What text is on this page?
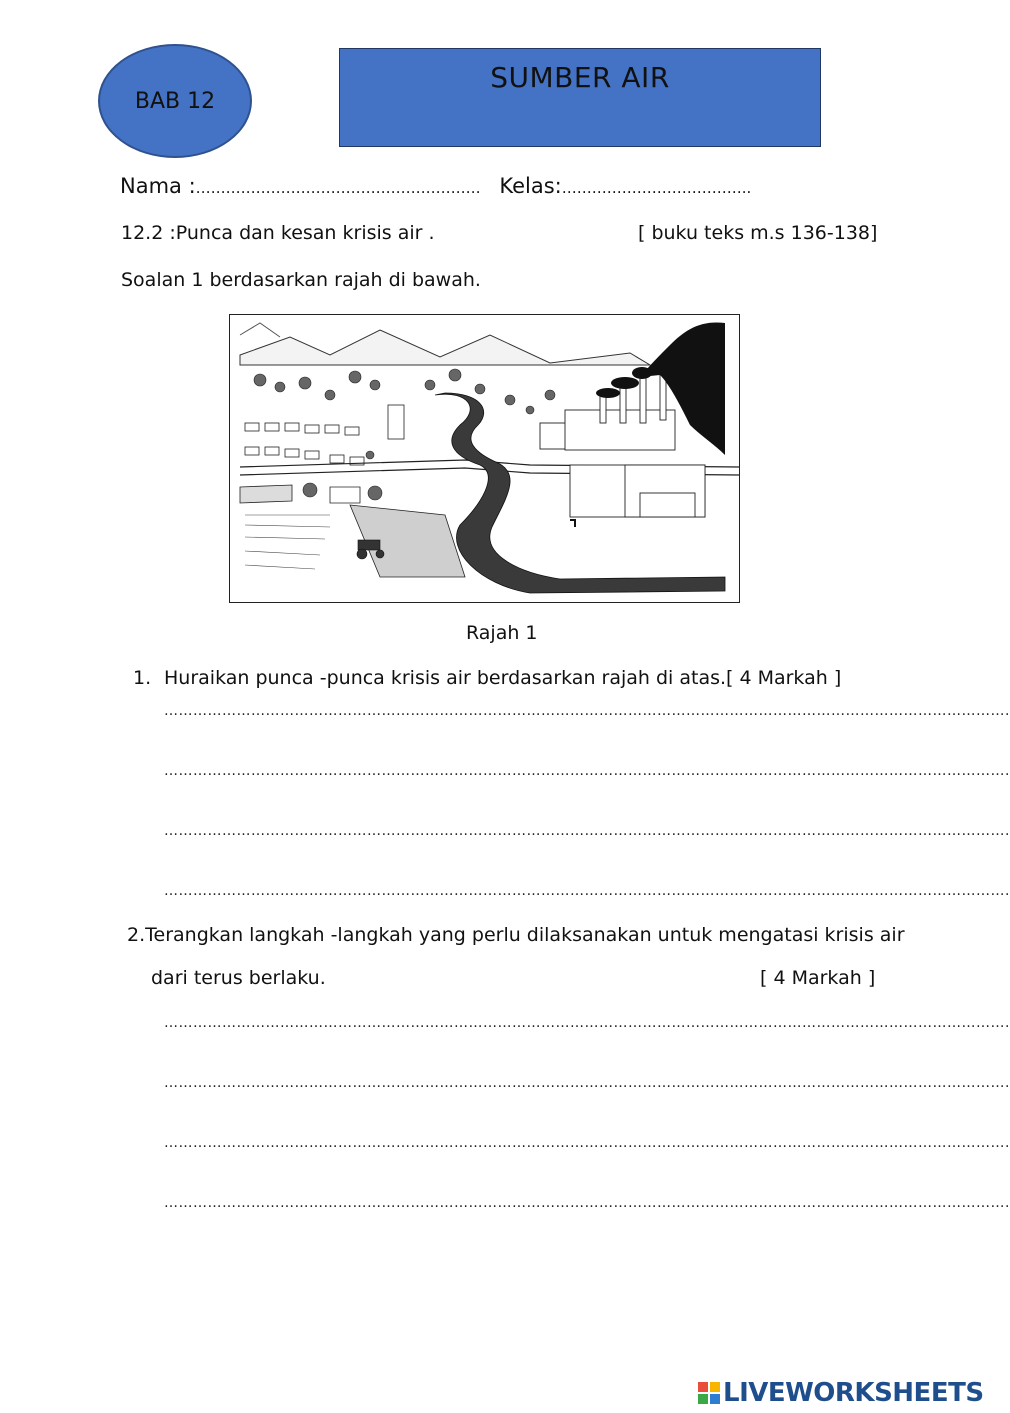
BAB 12
SUMBER AIR
Nama :………………………………………………… Kelas:………………………………..
12.2 :Punca dan kesan krisis air .	[ buku teks m.s 136-138]
Soalan 1 berdasarkan rajah di bawah.
Rajah 1
1. Huraikan punca -punca krisis air berdasarkan rajah di atas. [ 4 Markah ]
………………………………………………………………………………………………………………………………………………………….
………………………………………………………………………………………………………………………………………………………….
………………………………………………………………………………………………………………………………………………………….
………………………………………………………………………………………………………………………………………………………….
2.Terangkan langkah -langkah yang perlu dilaksanakan untuk mengatasi krisis air
dari terus berlaku.	[ 4 Markah ]
………………………………………………………………………………………………………………………………………………………….
………………………………………………………………………………………………………………………………………………………….
………………………………………………………………………………………………………………………………………………………….
………………………………………………………………………………………………………………………………………………………….
LIVEWORKSHEETS
